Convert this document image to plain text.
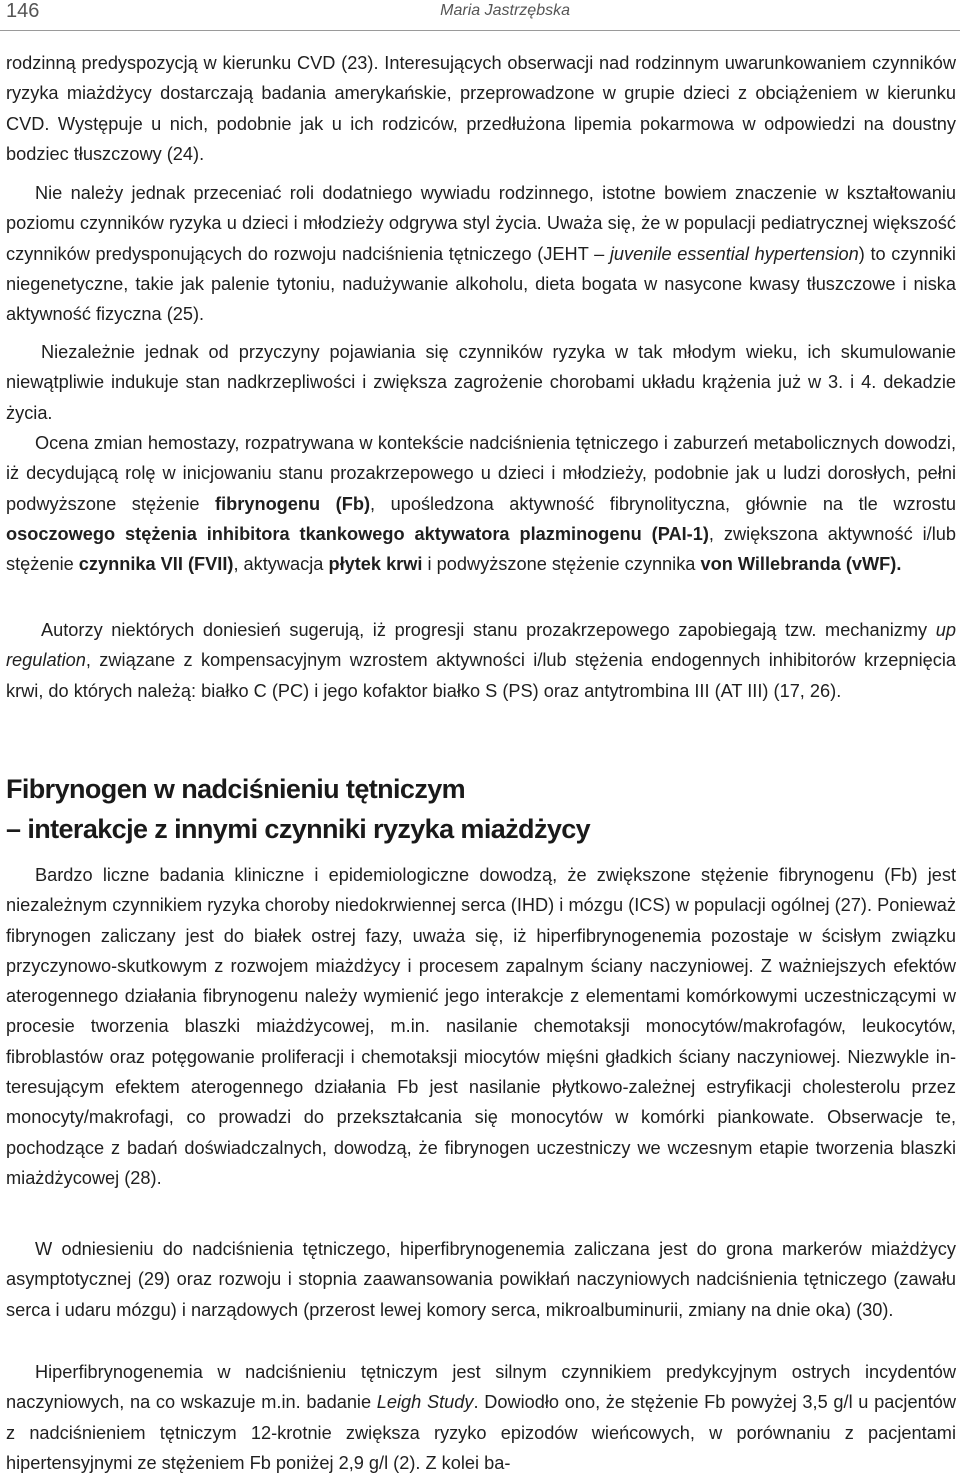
146	Maria Jastrzębska

rodzinną predyspozycją w kierunku CVD (23). Interesujących obserwacji nad rodzinnym uwarunkowaniem czynników ryzyka miażdżycy dostarczają badania amerykańskie, przeprowadzone w grupie dzieci z obciążeniem w kierunku CVD. Występuje u nich, podobnie jak u ich rodziców, przedłużona lipemia pokarmowa w odpowiedzi na doustny bodziec tłuszczowy (24).

Nie należy jednak przeceniać roli dodatniego wywiadu rodzinnego, istotne bowiem znaczenie w kształtowaniu poziomu czynników ryzyka u dzieci i młodzieży odgrywa styl życia. Uważa się, że w populacji pediatrycznej większość czynników predysponujących do rozwoju nadciśnienia tętniczego (JEHT – juvenile essential hypertension) to czynniki niegenetyczne, takie jak palenie tytoniu, nadużywanie alkoholu, dieta bogata w nasycone kwasy tłuszczowe i niska aktywność fizyczna (25).

Niezależnie jednak od przyczyny pojawiania się czynników ryzyka w tak młodym wieku, ich skumulowanie niewątpliwie indukuje stan nadkrzepliwości i zwiększa zagrożenie chorobami układu krążenia już w 3. i 4. dekadzie życia.

Ocena zmian hemostazy, rozpatrywana w kontekście nadciśnienia tętniczego i zaburzeń metabolicznych dowodzi, iż decydującą rolę w inicjowaniu stanu prozakrzepowego u dzieci i młodzieży, podobnie jak u ludzi dorosłych, pełni podwyższone stężenie fibrynogenu (Fb), upośledzona aktywność fibrynolityczna, głównie na tle wzrostu osoczowego stężenia inhibitora tkankowego aktywatora plazminogenu (PAI-1), zwiększona aktywność i/lub stężenie czynnika VII (FVII), aktywacja płytek krwi i podwyższone stężenie czynnika von Willebranda (vWF).

Autorzy niektórych doniesień sugerują, iż progresji stanu prozakrzepowego zapobiegają tzw. mechanizmy up regulation, związane z kompensacyjnym wzrostem aktywności i/lub stężenia endogennych inhibitorów krzepnięcia krwi, do których należą: białko C (PC) i jego kofaktor białko S (PS) oraz antytrombina III (AT III) (17, 26).

Fibrynogen w nadciśnieniu tętniczym
– interakcje z innymi czynniki ryzyka miażdżycy

Bardzo liczne badania kliniczne i epidemiologiczne dowodzą, że zwiększone stężenie fibrynogenu (Fb) jest niezależnym czynnikiem ryzyka choroby niedokrwiennej serca (IHD) i mózgu (ICS) w populacji ogólnej (27). Ponieważ fibrynogen zaliczany jest do białek ostrej fazy, uważa się, iż hiperfibrynogenemia pozostaje w ścisłym związku przyczynowo-skutkowym z rozwojem miażdżycy i procesem zapalnym ściany naczyniowej. Z ważniejszych efektów aterogennego działania fibrynogenu należy wymienić jego interakcje z elementami komórkowymi uczestniczącymi w procesie tworzenia blaszki miażdżycowej, m.in. nasilanie chemotaksji monocytów/makrofagów, leukocytów, fibroblastów oraz potęgowanie proliferacji i chemotaksji miocytów mięśni gładkich ściany naczyniowej. Niezwykle interesującym efektem aterogennego działania Fb jest nasilanie płytkowo-zależnej estryfikacji cholesterolu przez monocyty/makrofagi, co prowadzi do przekształcania się monocytów w komórki piankowate. Obserwacje te, pochodzące z badań doświadczalnych, dowodzą, że fibrynogen uczestniczy we wczesnym etapie tworzenia blaszki miażdżycowej (28).

W odniesieniu do nadciśnienia tętniczego, hiperfibrynogenemia zaliczana jest do grona markerów miażdżycy asymptotycznej (29) oraz rozwoju i stopnia zaawansowania powikłań naczyniowych nadciśnienia tętniczego (zawału serca i udaru mózgu) i narządowych (przerost lewej komory serca, mikroalbuminurii, zmiany na dnie oka) (30).

Hiperfibrynogenemia w nadciśnieniu tętniczym jest silnym czynnikiem predykcyjnym ostrych incydentów naczyniowych, na co wskazuje m.in. badanie Leigh Study. Dowiodło ono, że stężenie Fb powyżej 3,5 g/l u pacjentów z nadciśnieniem tętniczym 12-krotnie zwiększa ryzyko epizodów wieńcowych, w porównaniu z pacjentami hipertensyjnymi ze stężeniem Fb poniżej 2,9 g/l (2). Z kolei ba-
